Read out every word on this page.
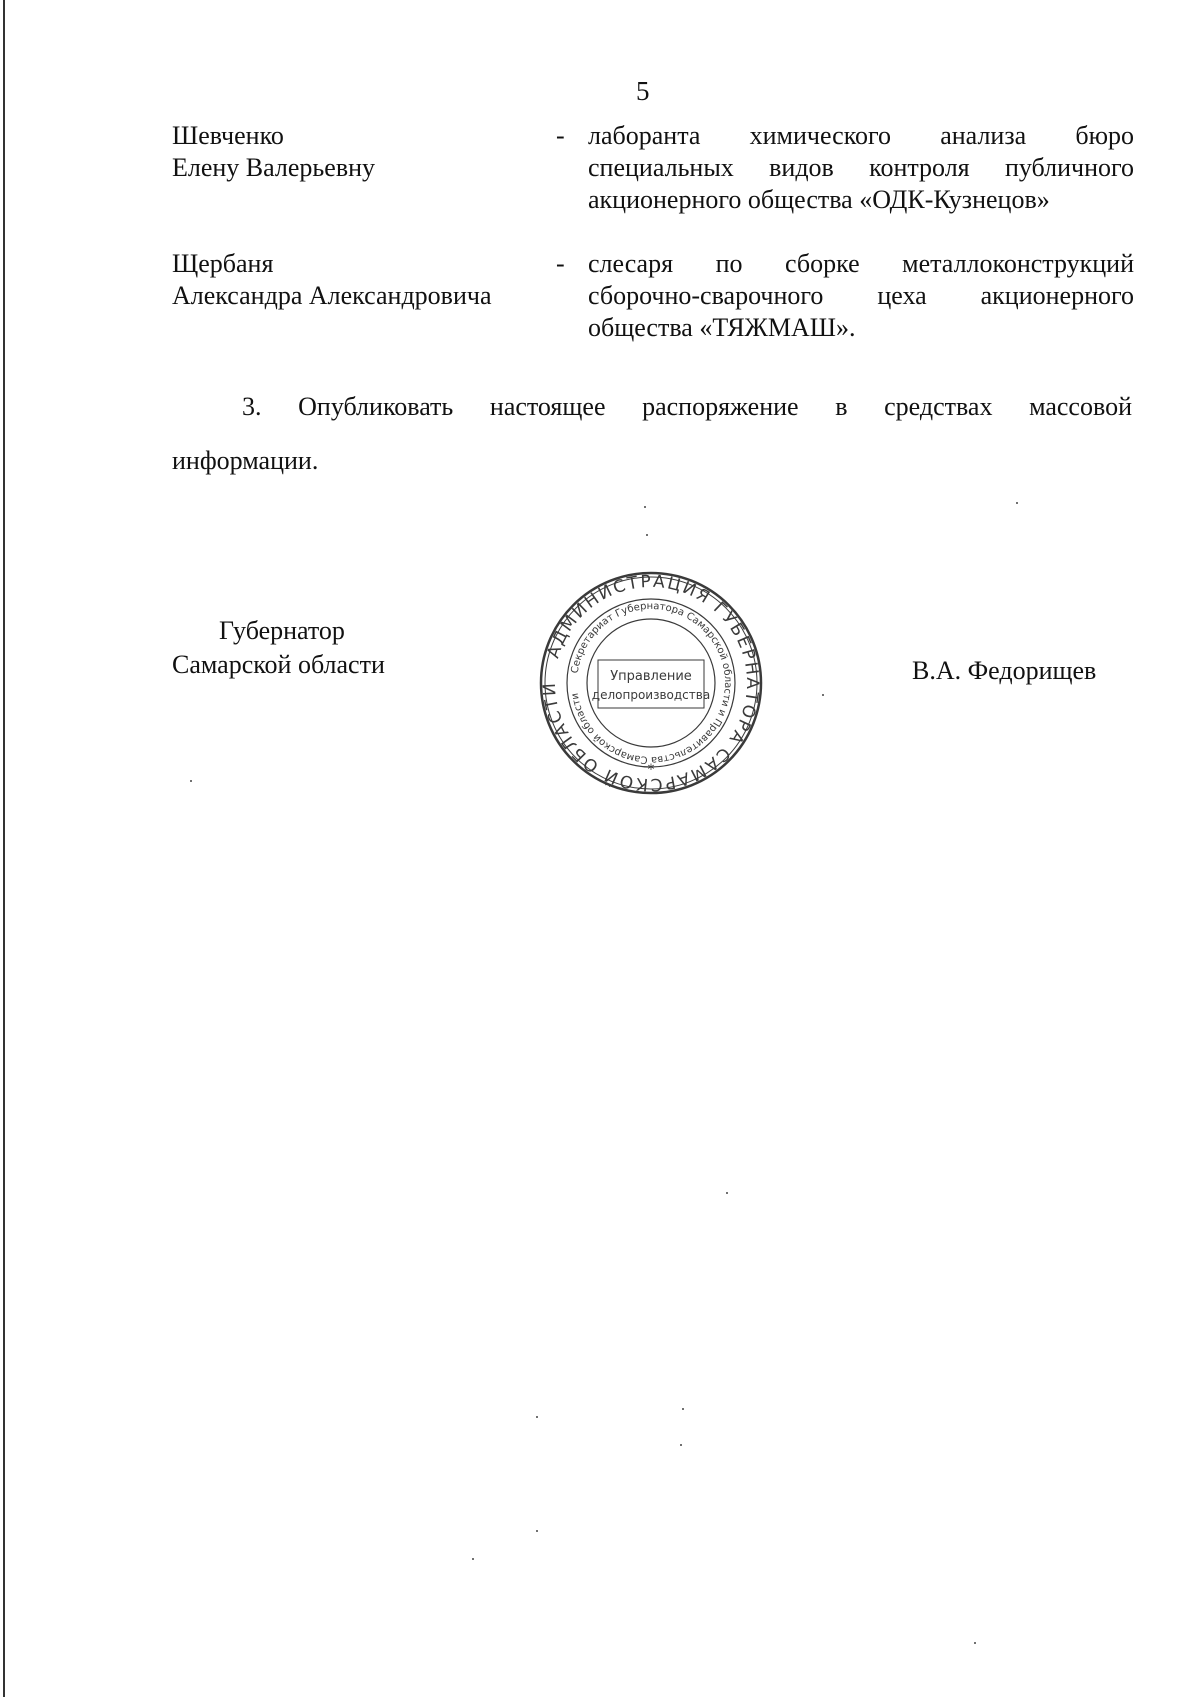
5
Шевченко
Елену Валерьевну
- лаборанта химического анализа бюро
специальных видов контроля публичного
акционерного общества «ОДК-Кузнецов»
Щербаня
Александра Александровича
- слесаря по сборке металлоконструкций
сборочно-сварочного цеха акционерного
общества «ТЯЖМАШ».
3. Опубликовать настоящее распоряжение в средствах массовой
информации.
Губернатор
Самарской области	В.А. Федорищев
АДМИНИСТРАЦИЯ ГУБЕРНАТОРА САМАРСКОЙ ОБЛАСТИ
Секретариат Губернатора Самарской области и Правительства Самарской области
Управление
делопроизводства
*
